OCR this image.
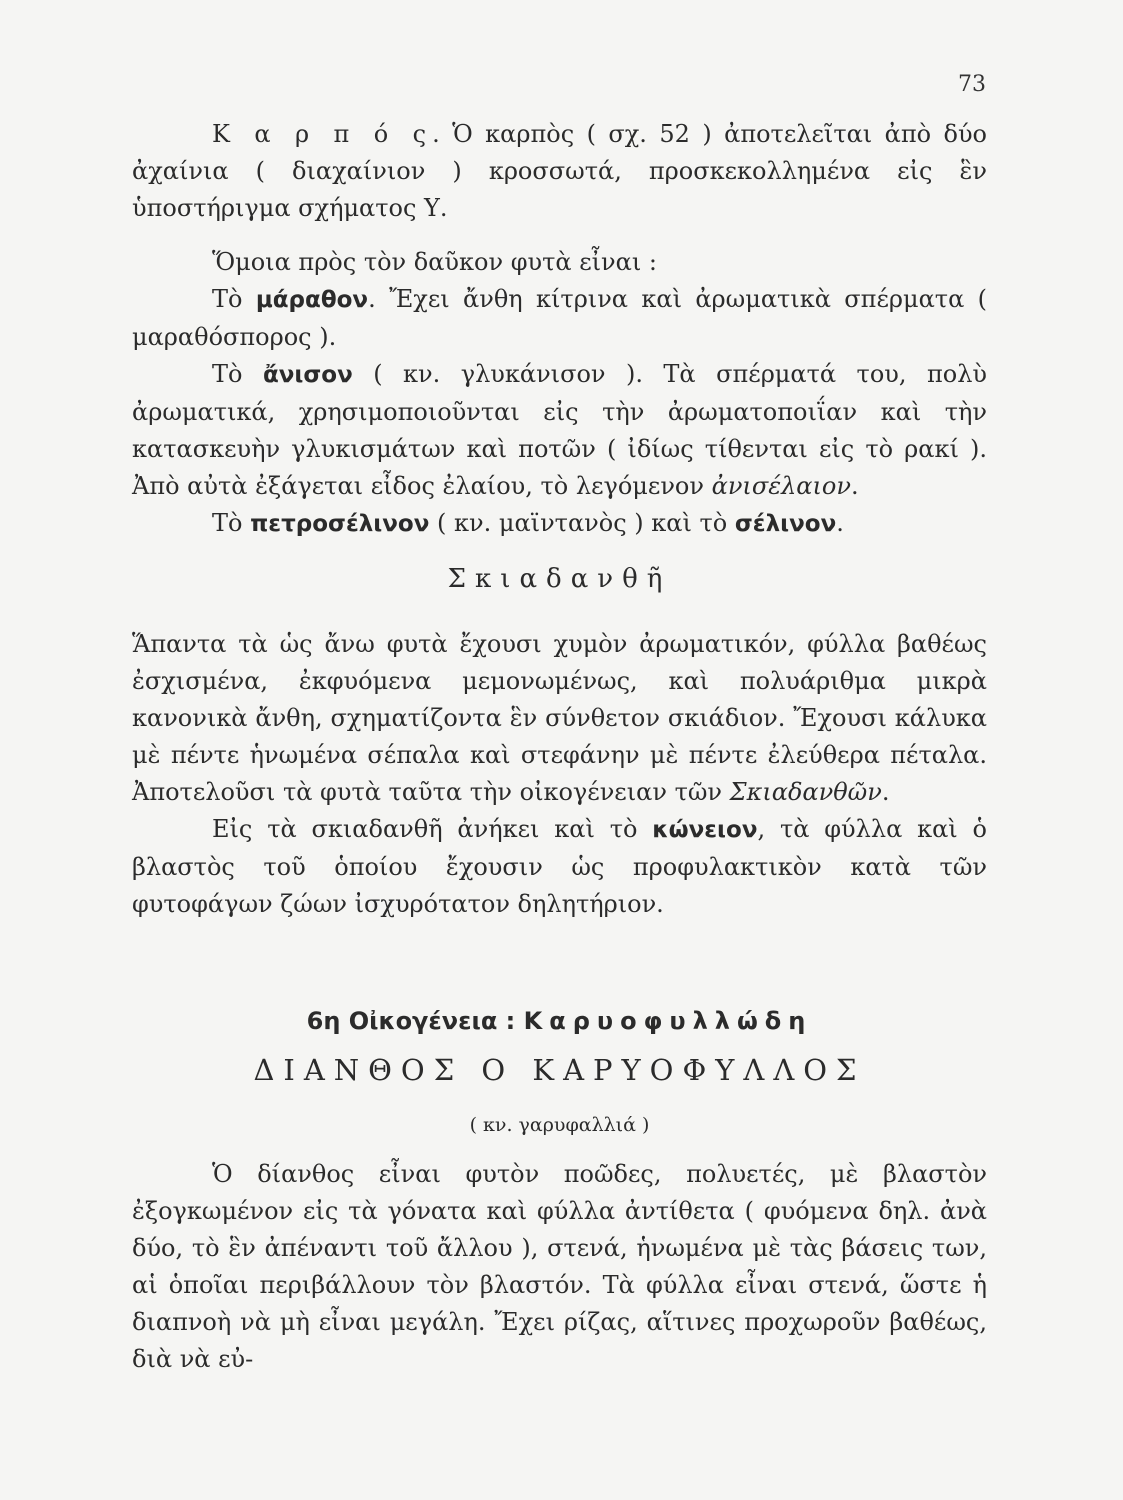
73

Κ α ρ π ό ς. Ὁ καρπὸς ( σχ. 52 ) ἀποτελεῖται ἀπὸ δύο ἀχαίνια ( διαχαίνιον ) κροσσωτά, προσκεκολλημένα εἰς ἓν ὑποστήριγμα σχήματος Υ.

Ὅμοια πρὸς τὸν δαῦκον φυτὰ εἶναι :

Τὸ μάραθον. Ἔχει ἄνθη κίτρινα καὶ ἀρωματικὰ σπέρματα ( μαραθόσπορος ).

Τὸ ἄνισον ( κν. γλυκάνισον ). Τὰ σπέρματά του, πολὺ ἀρωματικά, χρησιμοποιοῦνται εἰς τὴν ἀρωματοποιΐαν καὶ τὴν κατασκευὴν γλυκισμάτων καὶ ποτῶν ( ἰδίως τίθενται εἰς τὸ ρακί ). Ἀπὸ αὐτὰ ἐξάγεται εἶδος ἐλαίου, τὸ λεγόμενον ἀνισέλαιον.

Τὸ πετροσέλινον ( κν. μαϊντανὸς ) καὶ τὸ σέλινον.

Σκιαδανθῆ

Ἅπαντα τὰ ὡς ἄνω φυτὰ ἔχουσι χυμὸν ἀρωματικόν, φύλλα βαθέως ἐσχισμένα, ἐκφυόμενα μεμονωμένως, καὶ πολυάριθμα μικρὰ κανονικὰ ἄνθη, σχηματίζοντα ἓν σύνθετον σκιάδιον. Ἔχουσι κάλυκα μὲ πέντε ἡνωμένα σέπαλα καὶ στεφάνην μὲ πέντε ἐλεύθερα πέταλα. Ἀποτελοῦσι τὰ φυτὰ ταῦτα τὴν οἰκογένειαν τῶν Σκιαδανθῶν.

Εἰς τὰ σκιαδανθῆ ἀνήκει καὶ τὸ κώνειον, τὰ φύλλα καὶ ὁ βλαστὸς τοῦ ὁποίου ἔχουσιν ὡς προφυλακτικὸν κατὰ τῶν φυτοφάγων ζώων ἰσχυρότατον δηλητήριον.

6η Οἰκογένεια : Καρυοφυλλώδη

ΔΙΑΝΘΟΣ Ο ΚΑΡΥΟΦΥΛΛΟΣ

( κν. γαρυφαλλιά )

Ὁ δίανθος εἶναι φυτὸν ποῶδες, πολυετές, μὲ βλαστὸν ἐξογκωμένον εἰς τὰ γόνατα καὶ φύλλα ἀντίθετα ( φυόμενα δηλ. ἀνὰ δύο, τὸ ἓν ἀπέναντι τοῦ ἄλλου ), στενά, ἡνωμένα μὲ τὰς βάσεις των, αἱ ὁποῖαι περιβάλλουν τὸν βλαστόν. Τὰ φύλλα εἶναι στενά, ὥστε ἡ διαπνοὴ νὰ μὴ εἶναι μεγάλη. Ἔχει ρίζας, αἵτινες προχωροῦν βαθέως, διὰ νὰ εὐ-
